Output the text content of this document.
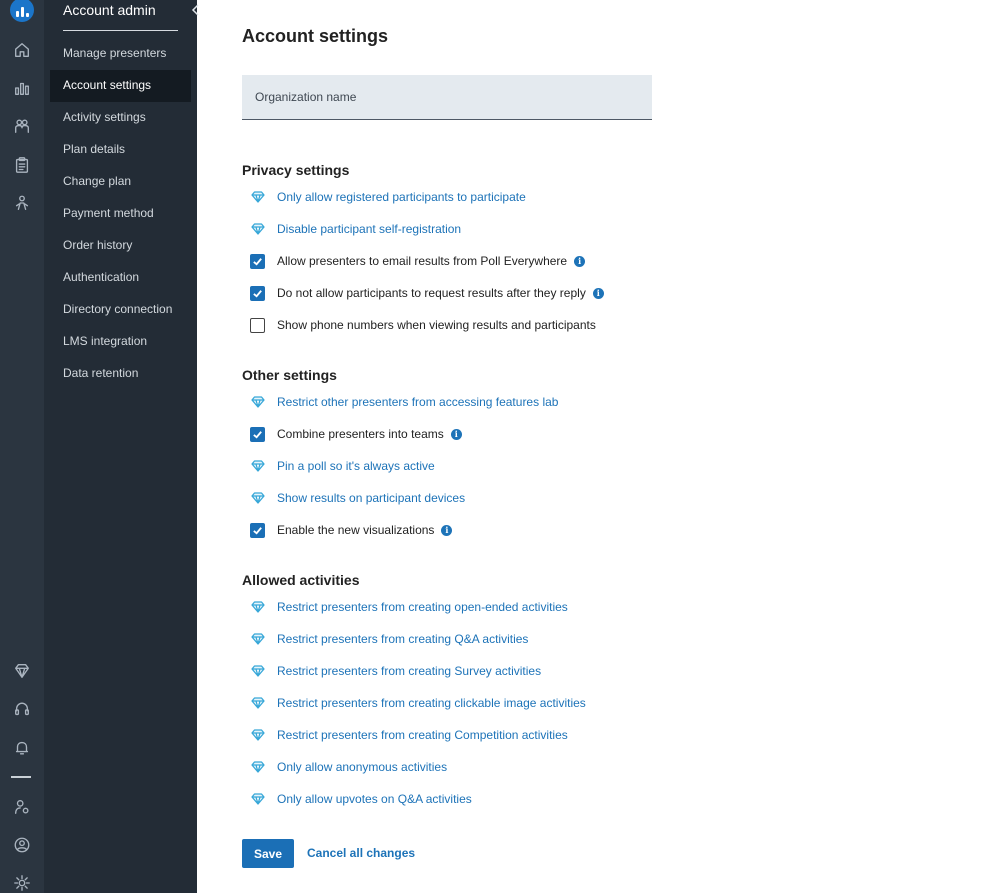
Account admin
Manage presenters
Account settings
Activity settings
Plan details
Change plan
Payment method
Order history
Authentication
Directory connection
LMS integration
Data retention
Account settings
Organization name
Privacy settings
Only allow registered participants to participate
Disable participant self-registration
Allow presenters to email results from Poll Everywhere	i
Do not allow participants to request results after they reply	i
Show phone numbers when viewing results and participants
Other settings
Restrict other presenters from accessing features lab
Combine presenters into teams	i
Pin a poll so it's always active
Show results on participant devices
Enable the new visualizations	i
Allowed activities
Restrict presenters from creating open-ended activities
Restrict presenters from creating Q&A activities
Restrict presenters from creating Survey activities
Restrict presenters from creating clickable image activities
Restrict presenters from creating Competition activities
Only allow anonymous activities
Only allow upvotes on Q&A activities
Save	Cancel all changes
